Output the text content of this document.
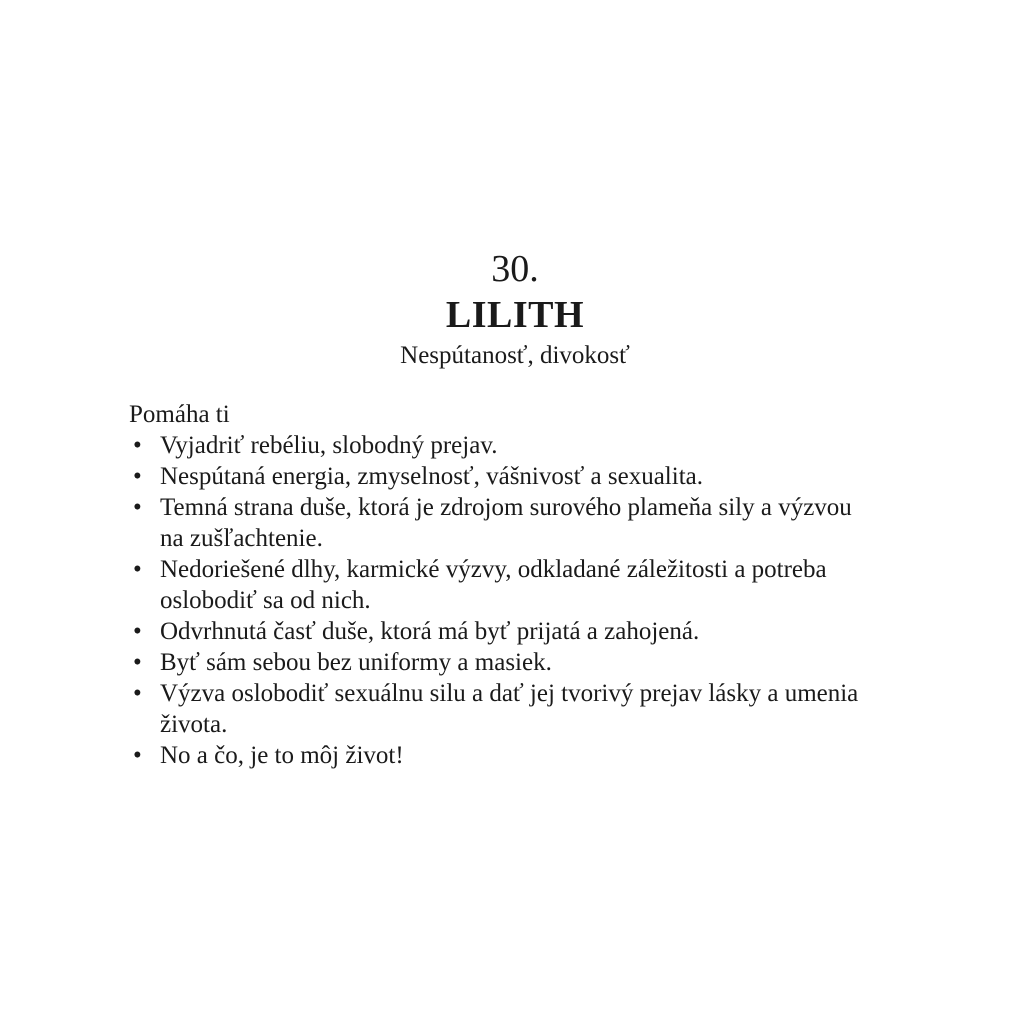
30.
LILITH
Nespútanosť, divokosť

Pomáha ti

• Vyjadriť rebéliu, slobodný prejav.
• Nespútaná energia, zmyselnosť, vášnivosť a sexualita.
• Temná strana duše, ktorá je zdrojom surového plameňa sily a výzvou na zušľachtenie.
• Nedoriešené dlhy, karmické výzvy, odkladané záležitosti a potreba oslobodiť sa od nich.
• Odvrhnutá časť duše, ktorá má byť prijatá a zahojená.
• Byť sám sebou bez uniformy a masiek.
• Výzva oslobodiť sexuálnu silu a dať jej tvorivý prejav lásky a umenia života.
• No a čo, je to môj život!
